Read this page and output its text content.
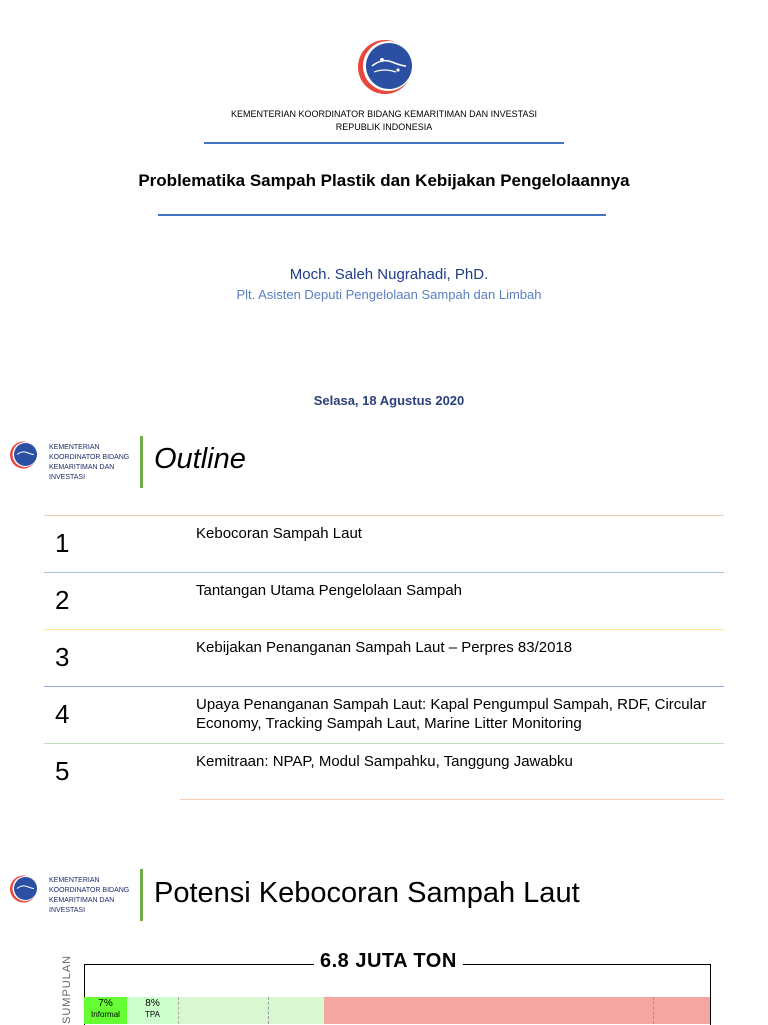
KEMENTERIAN KOORDINATOR BIDANG KEMARITIMAN DAN INVESTASI
REPUBLIK INDONESIA
Problematika Sampah Plastik dan Kebijakan Pengelolaannya
Moch. Saleh Nugrahadi, PhD.
Plt. Asisten Deputi Pengelolaan Sampah dan Limbah
Selasa, 18 Agustus 2020
KEMENTERIAN
KOORDINATOR BIDANG
KEMARITIMAN DAN
INVESTASI
Outline
1	Kebocoran Sampah Laut
2	Tantangan Utama Pengelolaan Sampah
3	Kebijakan Penanganan Sampah Laut – Perpres 83/2018
4	Upaya Penanganan Sampah Laut: Kapal Pengumpul Sampah, RDF, Circular Economy, Tracking Sampah Laut, Marine Litter Monitoring
5	Kemitraan: NPAP, Modul Sampahku, Tanggung Jawabku
KEMENTERIAN
KOORDINATOR BIDANG
KEMARITIMAN DAN
INVESTASI
Potensi Kebocoran Sampah Laut
SUMPULAN	6.8 JUTA TON
7%
Informal
8%
TPA
